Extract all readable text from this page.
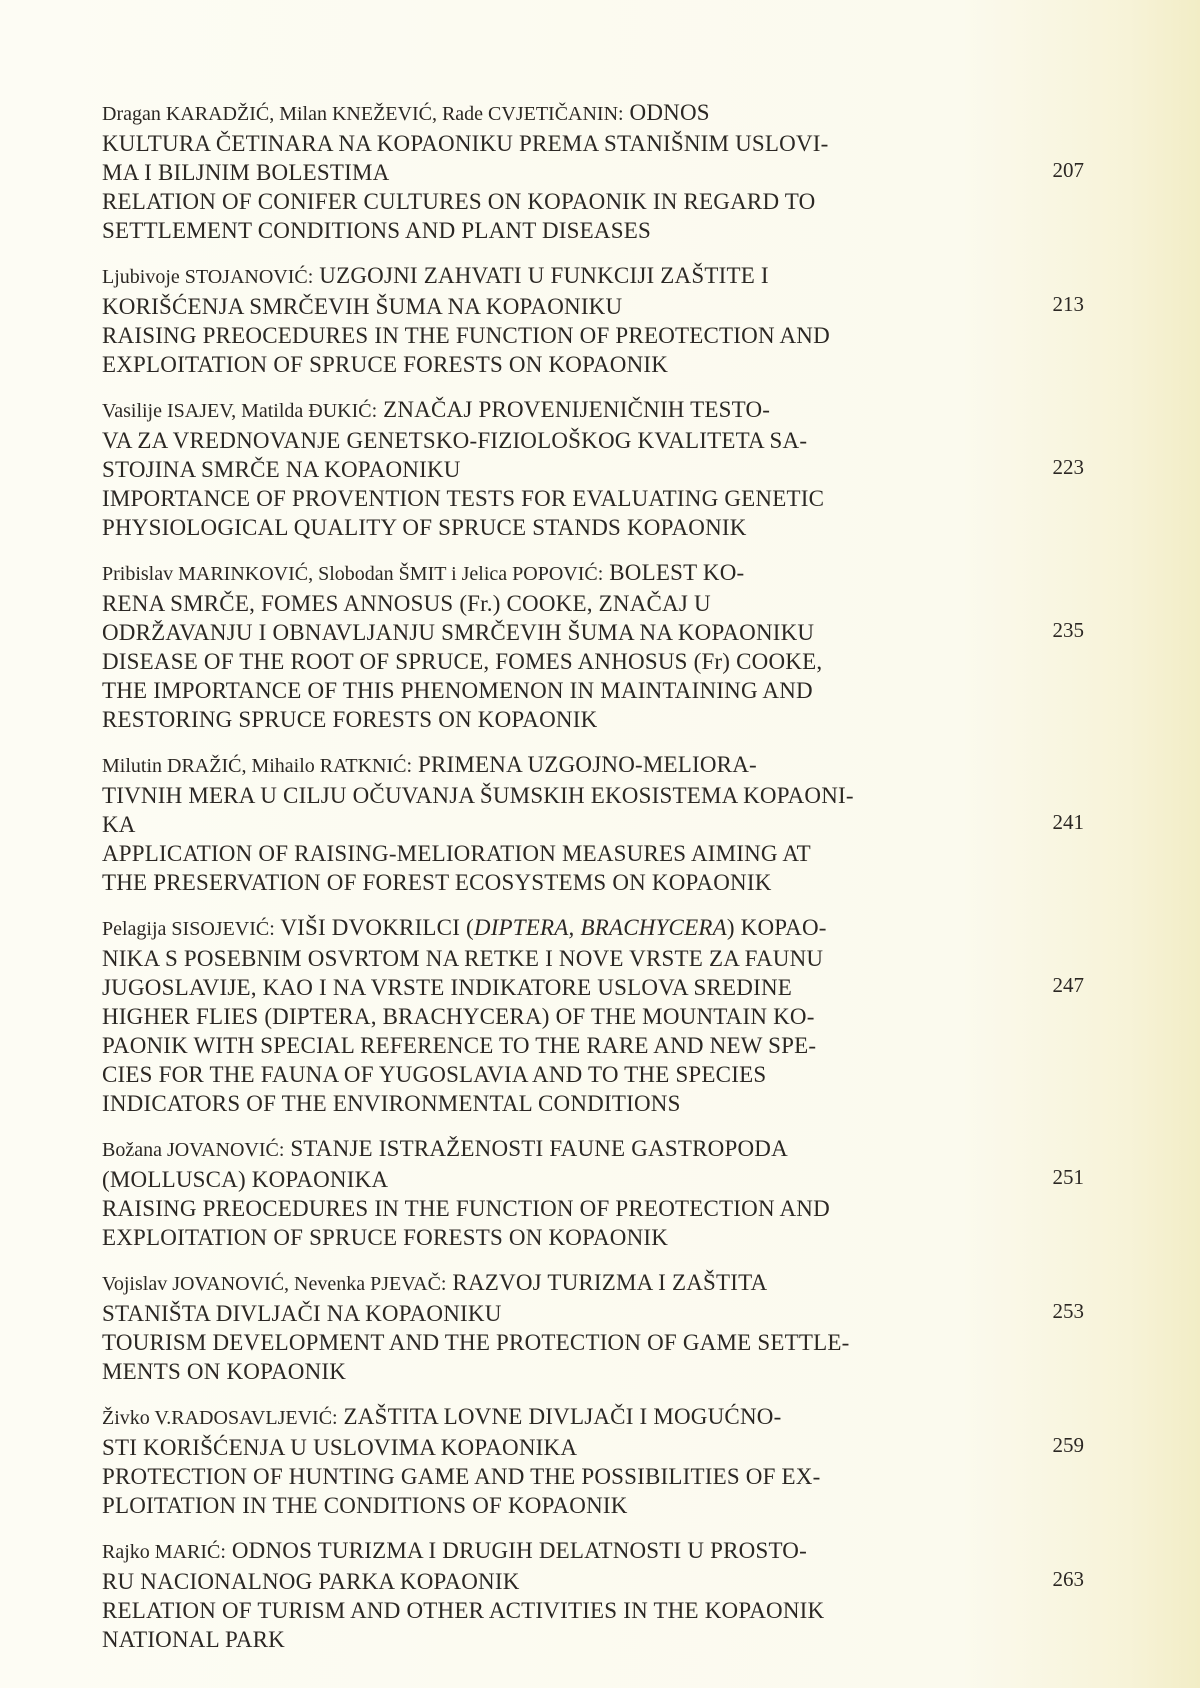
Dragan KARADŽIĆ, Milan KNEŽEVIĆ, Rade CVJETIČANIN: ODNOS
KULTURA ČETINARA NA KOPAONIKU PREMA STANIŠNIM USLOVI-
MA I BILJNIM BOLESTIMA
RELATION OF CONIFER CULTURES ON KOPAONIK IN REGARD TO
SETTLEMENT CONDITIONS AND PLANT DISEASES
207
Ljubivoje STOJANOVIĆ: UZGOJNI ZAHVATI U FUNKCIJI ZAŠTITE I
KORIŠĆENJA SMRČEVIH ŠUMA NA KOPAONIKU
RAISING PREOCEDURES IN THE FUNCTION OF PREOTECTION AND
EXPLOITATION OF SPRUCE FORESTS ON KOPAONIK
213
Vasilije ISAJEV, Matilda ĐUKIĆ: ZNAČAJ PROVENIJENIČNIH TESTO-
VA ZA VREDNOVANJE GENETSKO-FIZIOLOŠKOG KVALITETA SA-
STOJINA SMRČE NA KOPAONIKU
IMPORTANCE OF PROVENTION TESTS FOR EVALUATING GENETIC
PHYSIOLOGICAL QUALITY OF SPRUCE STANDS KOPAONIK
223
Pribislav MARINKOVIĆ, Slobodan ŠMIT i Jelica POPOVIĆ: BOLEST KO-
RENA SMRČE, FOMES ANNOSUS (Fr.) COOKE, ZNAČAJ U
ODRŽAVANJU I OBNAVLJANJU SMRČEVIH ŠUMA NA KOPAONIKU
DISEASE OF THE ROOT OF SPRUCE, FOMES ANHOSUS (Fr) COOKE,
THE IMPORTANCE OF THIS PHENOMENON IN MAINTAINING AND
RESTORING SPRUCE FORESTS ON KOPAONIK
235
Milutin DRAŽIĆ, Mihailo RATKNIĆ: PRIMENA UZGOJNO-MELIORA-
TIVNIH MERA U CILJU OČUVANJA ŠUMSKIH EKOSISTEMA KOPAONI-
KA
APPLICATION OF RAISING-MELIORATION MEASURES AIMING AT
THE PRESERVATION OF FOREST ECOSYSTEMS ON KOPAONIK
241
Pelagija SISOJEVIĆ: VIŠI DVOKRILCI (DIPTERA, BRACHYCERA) KOPAO-
NIKA S POSEBNIM OSVRTOM NA RETKE I NOVE VRSTE ZA FAUNU
JUGOSLAVIJE, KAO I NA VRSTE INDIKATORE USLOVA SREDINE
HIGHER FLIES (DIPTERA, BRACHYCERA) OF THE MOUNTAIN KO-
PAONIK WITH SPECIAL REFERENCE TO THE RARE AND NEW SPE-
CIES FOR THE FAUNA OF YUGOSLAVIA AND TO THE SPECIES
INDICATORS OF THE ENVIRONMENTAL CONDITIONS
247
Božana JOVANOVIĆ: STANJE ISTRAŽENOSTI FAUNE GASTROPODA
(MOLLUSCA) KOPAONIKA
RAISING PREOCEDURES IN THE FUNCTION OF PREOTECTION AND
EXPLOITATION OF SPRUCE FORESTS ON KOPAONIK
251
Vojislav JOVANOVIĆ, Nevenka PJEVAČ: RAZVOJ TURIZMA I ZAŠTITA
STANIŠTA DIVLJAČI NA KOPAONIKU
TOURISM DEVELOPMENT AND THE PROTECTION OF GAME SETTLE-
MENTS ON KOPAONIK
253
Živko V.RADOSAVLJEVIĆ: ZAŠTITA LOVNE DIVLJAČI I MOGUĆNO-
STI KORIŠĆENJA U USLOVIMA KOPAONIKA
PROTECTION OF HUNTING GAME AND THE POSSIBILITIES OF EX-
PLOITATION IN THE CONDITIONS OF KOPAONIK
259
Rajko MARIĆ: ODNOS TURIZMA I DRUGIH DELATNOSTI U PROSTO-
RU NACIONALNOG PARKA KOPAONIK
RELATION OF TURISM AND OTHER ACTIVITIES IN THE KOPAONIK
NATIONAL PARK
263
